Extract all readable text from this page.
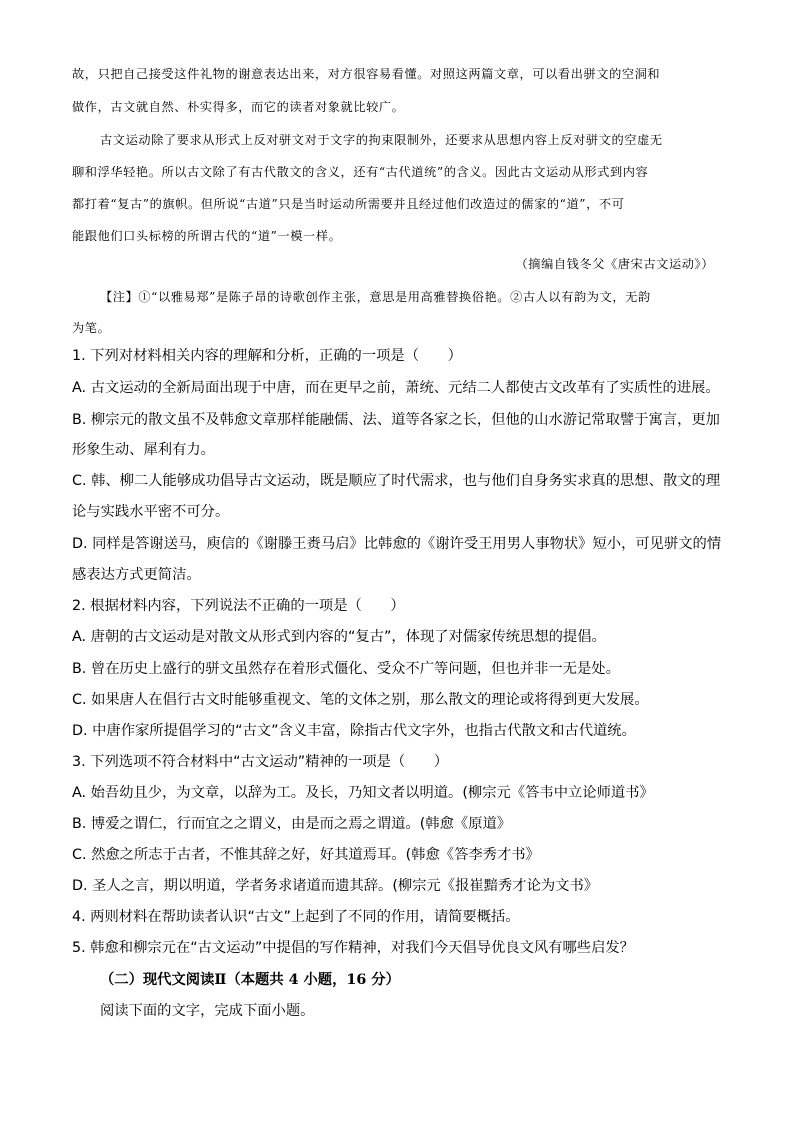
故，只把自己接受这件礼物的谢意表达出来，对方很容易看懂。对照这两篇文章，可以看出骈文的空洞和
做作，古文就自然、朴实得多，而它的读者对象就比较广。
古文运动除了要求从形式上反对骈文对于文字的拘束限制外，还要求从思想内容上反对骈文的空虚无
聊和浮华轻艳。所以古文除了有古代散文的含义，还有“古代道统”的含义。因此古文运动从形式到内容
都打着“复古”的旗帜。但所说“古道”只是当时运动所需要并且经过他们改造过的儒家的“道”，不可
能跟他们口头标榜的所谓古代的“道”一模一样。
（摘编自钱冬父《唐宋古文运动》）
【注】①“以雅易郑”是陈子昂的诗歌创作主张，意思是用高雅替换俗艳。②古人以有韵为文，无韵
为笔。
1. 下列对材料相关内容的理解和分析，正确的一项是（　　）
A. 古文运动的全新局面出现于中唐，而在更早之前，萧统、元结二人都使古文改革有了实质性的进展。
B. 柳宗元的散文虽不及韩愈文章那样能融儒、法、道等各家之长，但他的山水游记常取譬于寓言，更加
形象生动、犀利有力。
C. 韩、柳二人能够成功倡导古文运动，既是顺应了时代需求，也与他们自身务实求真的思想、散文的理
论与实践水平密不可分。
D. 同样是答谢送马，庾信的《谢滕王赉马启》比韩愈的《谢许受王用男人事物状》短小，可见骈文的情
感表达方式更简洁。
2. 根据材料内容，下列说法不正确的一项是（　　）
A. 唐朝的古文运动是对散文从形式到内容的“复古”，体现了对儒家传统思想的提倡。
B. 曾在历史上盛行的骈文虽然存在着形式僵化、受众不广等问题，但也并非一无是处。
C. 如果唐人在倡行古文时能够重视文、笔的文体之别，那么散文的理论或将得到更大发展。
D. 中唐作家所提倡学习的“古文”含义丰富，除指古代文字外，也指古代散文和古代道统。
3. 下列选项不符合材料中“古文运动”精神的一项是（　　）
A. 始吾幼且少，为文章，以辞为工。及长，乃知文者以明道。(柳宗元《答韦中立论师道书》
B. 博爱之谓仁，行而宜之之谓义，由是而之焉之谓道。(韩愈《原道》
C. 然愈之所志于古者，不惟其辞之好，好其道焉耳。(韩愈《答李秀才书》
D. 圣人之言，期以明道，学者务求诸道而遗其辞。(柳宗元《报崔黯秀才论为文书》
4. 两则材料在帮助读者认识“古文”上起到了不同的作用，请简要概括。
5. 韩愈和柳宗元在“古文运动”中提倡的写作精神，对我们今天倡导优良文风有哪些启发？
（二）现代文阅读Ⅱ（本题共 4 小题，16 分）
阅读下面的文字，完成下面小题。
